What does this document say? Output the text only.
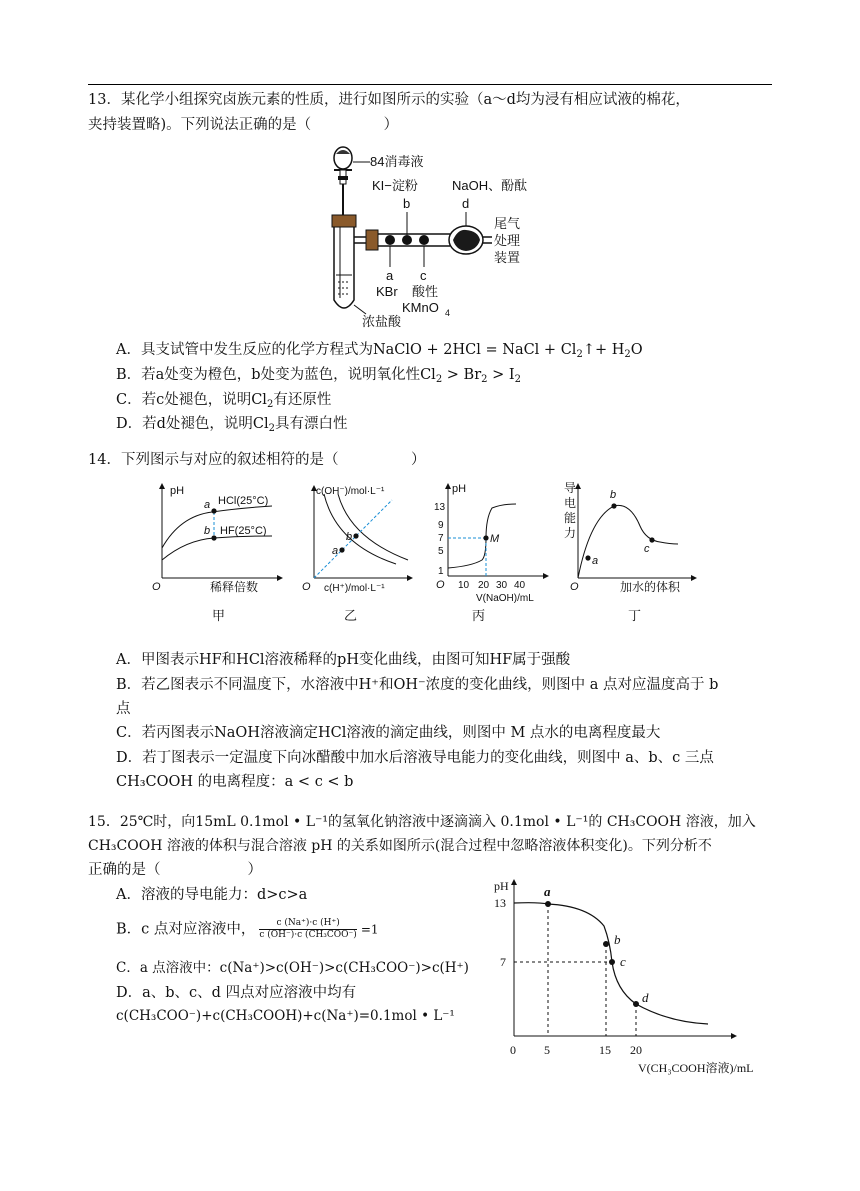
13．某化学小组探究卤族元素的性质，进行如图所示的实验（a～d均为浸有相应试液的棉花，
夹持装置略)。下列说法正确的是（　　　　　）
84消毒液
KI−淀粉	NaOH、酚酞
b	d
尾气
处理
装置
a c
KBr 酸性
KMnO 4
浓盐酸
A．具支试管中发生反应的化学方程式为NaClO + 2HCl = NaCl + $Cl_2↑+ H_2O$
B．若a处变为橙色，b处变为蓝色，说明氧化性$Cl_2 > Br_2 > I_2$
C．若c处褪色，说明$Cl_2$有还原性
D．若d处褪色，说明$Cl_2$具有漂白性
14．下列图示与对应的叙述相符的是（　　　　　）
pH
a HCl(25°C)
b HF(25°C)
O	稀释倍数
甲
c(OH⁻)/mol·L⁻¹
a
b
O c(H⁺)/mol·L⁻¹
乙
pH
13
9
7
5
1
M
O 10 20 30 40
V(NaOH)/mL
丙
导
电
能
力
a
b
c
O	加水的体积
丁
A．甲图表示HF和HCl溶液稀释的pH变化曲线，由图可知HF属于强酸
B．若乙图表示不同温度下，水溶液中H⁺和OH⁻浓度的变化曲线，则图中 a 点对应温度高于 b
点
C．若丙图表示NaOH溶液滴定HCl溶液的滴定曲线，则图中 M 点水的电离程度最大
D．若丁图表示一定温度下向冰醋酸中加水后溶液导电能力的变化曲线，则图中 a、b、c 三点
CH₃COOH 的电离程度：a < c < b
15．25℃时，向15mL 0.1mol • L⁻¹的氢氧化钠溶液中逐滴滴入 0.1mol • L⁻¹的 CH₃COOH 溶液，加入
CH₃COOH 溶液的体积与混合溶液 pH 的关系如图所示(混合过程中忽略溶液体积变化)。下列分析不
正确的是（　　　　　　）
A．溶液的导电能力：d>c>a
B．c 点对应溶液中， $\frac{c (Na^+)\cdot c (H^+)}{\text{c (OH⁻)·c (CH₃COO⁻)}} =1$
C．a 点溶液中：c(Na⁺)>c(OH⁻)>c(CH₃COO⁻)>c(H⁺)
D．a、b、c、d 四点对应溶液中均有
c(CH₃COO⁻)+c(CH₃COOH)+c(Na⁺)=0.1mol • L⁻¹
pH
13
7
0 5	15 20
V(CH₃COOH溶液)/mL
a
b
c
d
